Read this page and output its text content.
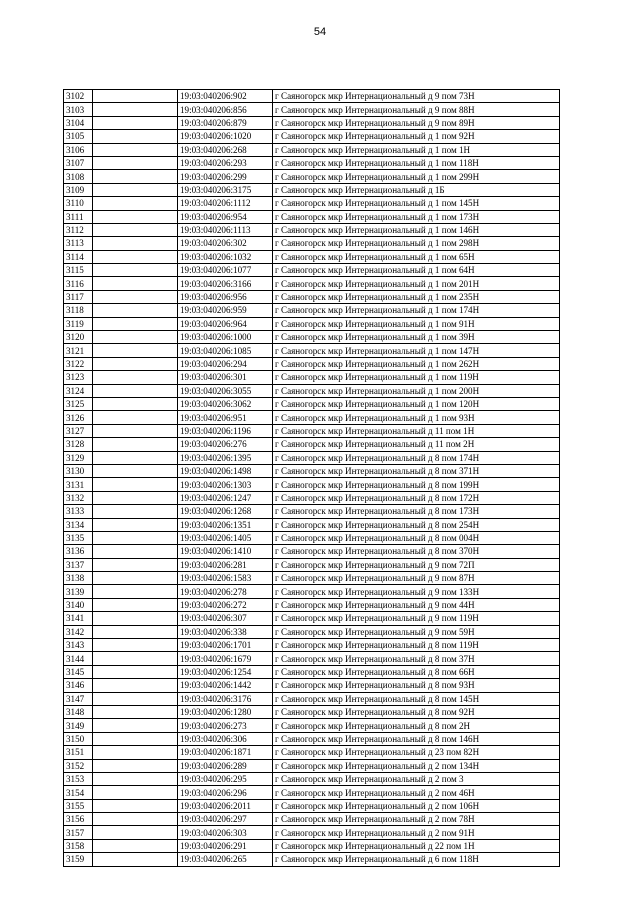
54
3102		19:03:040206:902	г Саяногорск мкр Интернациональный д 9 пом 73Н
3103		19:03:040206:856	г Саяногорск мкр Интернациональный д 9 пом 88Н
3104		19:03:040206:879	г Саяногорск мкр Интернациональный д 9 пом 89Н
3105		19:03:040206:1020	г Саяногорск мкр Интернациональный д 1 пом 92Н
3106		19:03:040206:268	г Саяногорск мкр Интернациональный д 1 пом 1Н
3107		19:03:040206:293	г Саяногорск мкр Интернациональный д 1 пом 118Н
3108		19:03:040206:299	г Саяногорск мкр Интернациональный д 1 пом 299Н
3109		19:03:040206:3175	г Саяногорск мкр Интернациональный д 1Б
3110		19:03:040206:1112	г Саяногорск мкр Интернациональный д 1 пом 145Н
3111		19:03:040206:954	г Саяногорск мкр Интернациональный д 1 пом 173Н
3112		19:03:040206:1113	г Саяногорск мкр Интернациональный д 1 пом 146Н
3113		19:03:040206:302	г Саяногорск мкр Интернациональный д 1 пом 298Н
3114		19:03:040206:1032	г Саяногорск мкр Интернациональный д 1 пом 65Н
3115		19:03:040206:1077	г Саяногорск мкр Интернациональный д 1 пом 64Н
3116		19:03:040206:3166	г Саяногорск мкр Интернациональный д 1 пом 201Н
3117		19:03:040206:956	г Саяногорск мкр Интернациональный д 1 пом 235Н
3118		19:03:040206:959	г Саяногорск мкр Интернациональный д 1 пом 174Н
3119		19:03:040206:964	г Саяногорск мкр Интернациональный д 1 пом 91Н
3120		19:03:040206:1000	г Саяногорск мкр Интернациональный д 1 пом 39Н
3121		19:03:040206:1085	г Саяногорск мкр Интернациональный д 1 пом 147Н
3122		19:03:040206:294	г Саяногорск мкр Интернациональный д 1 пом 262Н
3123		19:03:040206:301	г Саяногорск мкр Интернациональный д 1 пом 119Н
3124		19:03:040206:3055	г Саяногорск мкр Интернациональный д 1 пом 200Н
3125		19:03:040206:3062	г Саяногорск мкр Интернациональный д 1 пом 120Н
3126		19:03:040206:951	г Саяногорск мкр Интернациональный д 1 пом 93Н
3127		19:03:040206:1196	г Саяногорск мкр Интернациональный д 11 пом 1Н
3128		19:03:040206:276	г Саяногорск мкр Интернациональный д 11 пом 2Н
3129		19:03:040206:1395	г Саяногорск мкр Интернациональный д 8 пом 174Н
3130		19:03:040206:1498	г Саяногорск мкр Интернациональный д 8 пом 371Н
3131		19:03:040206:1303	г Саяногорск мкр Интернациональный д 8 пом 199Н
3132		19:03:040206:1247	г Саяногорск мкр Интернациональный д 8 пом 172Н
3133		19:03:040206:1268	г Саяногорск мкр Интернациональный д 8 пом 173Н
3134		19:03:040206:1351	г Саяногорск мкр Интернациональный д 8 пом 254Н
3135		19:03:040206:1405	г Саяногорск мкр Интернациональный д 8 пом 004Н
3136		19:03:040206:1410	г Саяногорск мкр Интернациональный д 8 пом 370Н
3137		19:03:040206:281	г Саяногорск мкр Интернациональный д 9 пом 72П
3138		19:03:040206:1583	г Саяногорск мкр Интернациональный д 9 пом 87Н
3139		19:03:040206:278	г Саяногорск мкр Интернациональный д 9 пом 133Н
3140		19:03:040206:272	г Саяногорск мкр Интернациональный д 9 пом 44Н
3141		19:03:040206:307	г Саяногорск мкр Интернациональный д 9 пом 119Н
3142		19:03:040206:338	г Саяногорск мкр Интернациональный д 9 пом 59Н
3143		19:03:040206:1701	г Саяногорск мкр Интернациональный д 8 пом 119Н
3144		19:03:040206:1679	г Саяногорск мкр Интернациональный д 8 пом 37Н
3145		19:03:040206:1254	г Саяногорск мкр Интернациональный д 8 пом 66Н
3146		19:03:040206:1442	г Саяногорск мкр Интернациональный д 8 пом 93Н
3147		19:03:040206:3176	г Саяногорск мкр Интернациональный д 8 пом 145Н
3148		19:03:040206:1280	г Саяногорск мкр Интернациональный д 8 пом 92Н
3149		19:03:040206:273	г Саяногорск мкр Интернациональный д 8 пом 2Н
3150		19:03:040206:306	г Саяногорск мкр Интернациональный д 8 пом 146Н
3151		19:03:040206:1871	г Саяногорск мкр Интернациональный д 23 пом 82Н
3152		19:03:040206:289	г Саяногорск мкр Интернациональный д 2 пом 134Н
3153		19:03:040206:295	г Саяногорск мкр Интернациональный д 2 пом 3
3154		19:03:040206:296	г Саяногорск мкр Интернациональный д 2 пом 46Н
3155		19:03:040206:2011	г Саяногорск мкр Интернациональный д 2 пом 106Н
3156		19:03:040206:297	г Саяногорск мкр Интернациональный д 2 пом 78Н
3157		19:03:040206:303	г Саяногорск мкр Интернациональный д 2 пом 91Н
3158		19:03:040206:291	г Саяногорск мкр Интернациональный д 22 пом 1Н
3159		19:03:040206:265	г Саяногорск мкр Интернациональный д 6 пом 118Н
